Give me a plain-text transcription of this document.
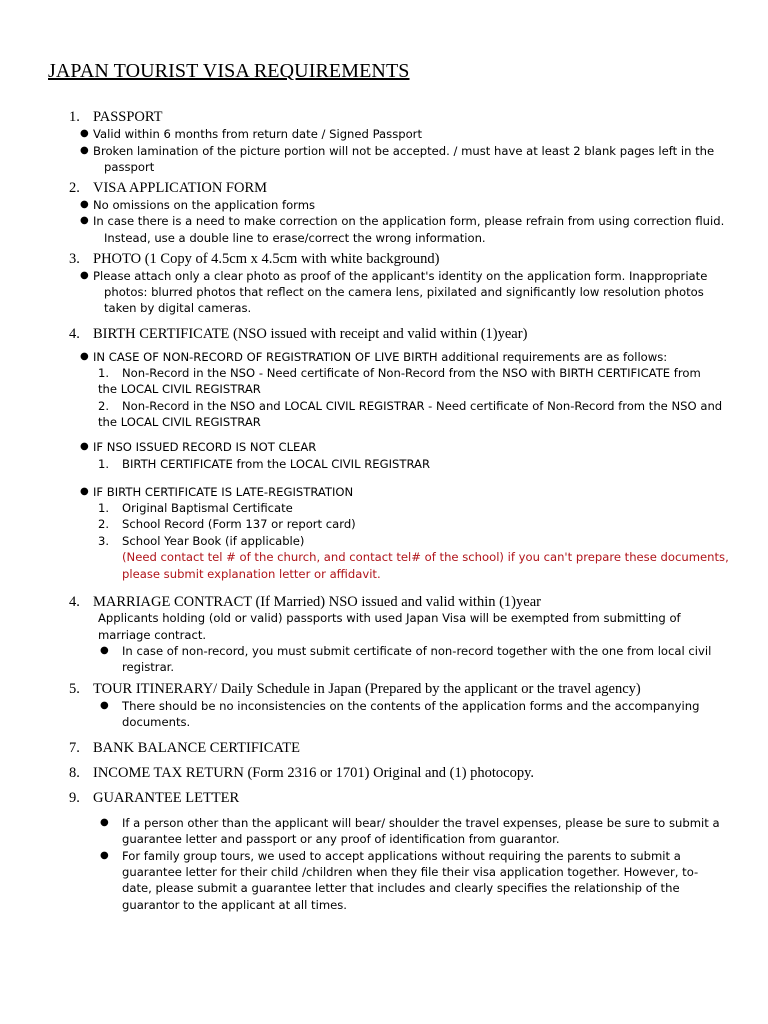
JAPAN TOURIST VISA REQUIREMENTS
1. PASSPORT
● Valid within 6 months from return date / Signed Passport
● Broken lamination of the picture portion will not be accepted. / must have at least 2 blank pages left in the
passport
2. VISA APPLICATION FORM
● No omissions on the application forms
● In case there is a need to make correction on the application form, please refrain from using correction fluid.
Instead, use a double line to erase/correct the wrong information.
3. PHOTO (1 Copy of 4.5cm x 4.5cm with white background)
● Please attach only a clear photo as proof of the applicant's identity on the application form. Inappropriate
photos: blurred photos that reflect on the camera lens, pixilated and significantly low resolution photos
taken by digital cameras.
4. BIRTH CERTIFICATE (NSO issued with receipt and valid within (1)year)
● IN CASE OF NON-RECORD OF REGISTRATION OF LIVE BIRTH additional requirements are as follows:
1. Non-Record in the NSO - Need certificate of Non-Record from the NSO with BIRTH CERTIFICATE from
the LOCAL CIVIL REGISTRAR
2. Non-Record in the NSO and LOCAL CIVIL REGISTRAR - Need certificate of Non-Record from the NSO and
the LOCAL CIVIL REGISTRAR
● IF NSO ISSUED RECORD IS NOT CLEAR
1. BIRTH CERTIFICATE from the LOCAL CIVIL REGISTRAR
● IF BIRTH CERTIFICATE IS LATE-REGISTRATION
1. Original Baptismal Certificate
2. School Record (Form 137 or report card)
3. School Year Book (if applicable)
(Need contact tel # of the church, and contact tel# of the school) if you can't prepare these documents,
please submit explanation letter or affidavit.
4. MARRIAGE CONTRACT (If Married) NSO issued and valid within (1)year
Applicants holding (old or valid) passports with used Japan Visa will be exempted from submitting of
marriage contract.
● In case of non-record, you must submit certificate of non-record together with the one from local civil
registrar.
5. TOUR ITINERARY/ Daily Schedule in Japan (Prepared by the applicant or the travel agency)
● There should be no inconsistencies on the contents of the application forms and the accompanying
documents.
7. BANK BALANCE CERTIFICATE
8. INCOME TAX RETURN (Form 2316 or 1701) Original and (1) photocopy.
9. GUARANTEE LETTER
● If a person other than the applicant will bear/ shoulder the travel expenses, please be sure to submit a
guarantee letter and passport or any proof of identification from guarantor.
● For family group tours, we used to accept applications without requiring the parents to submit a
guarantee letter for their child /children when they file their visa application together. However, to-
date, please submit a guarantee letter that includes and clearly specifies the relationship of the
guarantor to the applicant at all times.
